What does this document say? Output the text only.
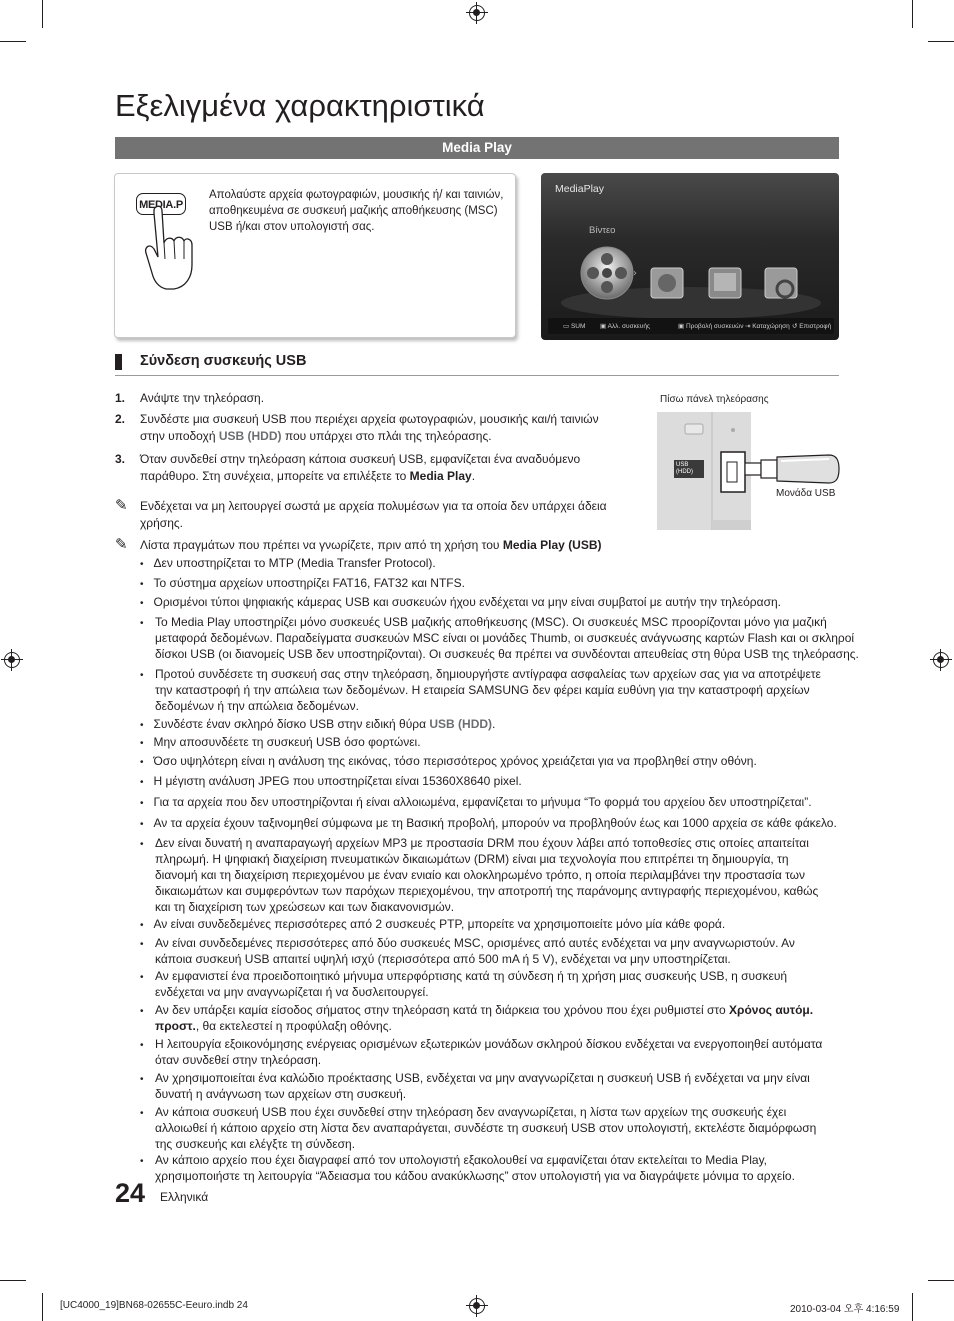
Εξελιγμένα χαρακτηριστικά
Media Play
MEDIA.P
Απολαύστε αρχεία φωτογραφιών, μουσικής ή/ και ταινιών, αποθηκευμένα σε συσκευή μαζικής αποθήκευσης (MSC) USB ή/και στον υπολογιστή σας.
›
MediaPlay
Βίντεο
▭ SUM ▣ Αλλ. συσκευής	▣ Προβολή συσκευών ⇥ Καταχώρηση ↺ Επιστροφή
Σύνδεση συσκευής USB
1. Ανάψτε την τηλεόραση.
2. Συνδέστε μια συσκευή USB που περιέχει αρχεία φωτογραφιών, μουσικής και/ή ταινιών
στην υποδοχή USB (HDD) που υπάρχει στο πλάι της τηλεόρασης.
3. Όταν συνδεθεί στην τηλεόραση κάποια συσκευή USB, εμφανίζεται ένα αναδυόμενο
παράθυρο. Στη συνέχεια, μπορείτε να επιλέξετε το Media Play.
✎ Ενδέχεται να μη λειτουργεί σωστά με αρχεία πολυμέσων για τα οποία δεν υπάρχει άδεια
χρήσης.
✎ Λίστα πραγμάτων που πρέπει να γνωρίζετε, πριν από τη χρήση του Media Play (USB)
Πίσω πάνελ τηλεόρασης
USB (HDD)
Μονάδα USB
• Δεν υποστηρίζεται το MTP (Media Transfer Protocol).
• Το σύστημα αρχείων υποστηρίζει FAT16, FAT32 και NTFS.
• Ορισμένοι τύποι ψηφιακής κάμερας USB και συσκευών ήχου ενδέχεται να μην είναι συμβατοί με αυτήν την τηλεόραση.
• Το Media Play υποστηρίζει μόνο συσκευές USB μαζικής αποθήκευσης (MSC). Οι συσκευές MSC προορίζονται μόνο για μαζική
μεταφορά δεδομένων. Παραδείγματα συσκευών MSC είναι οι μονάδες Thumb, οι συσκευές ανάγνωσης καρτών Flash και οι σκληροί
δίσκοι USB (οι διανομείς USB δεν υποστηρίζονται). Οι συσκευές θα πρέπει να συνδέονται απευθείας στη θύρα USB της τηλεόρασης.
• Προτού συνδέσετε τη συσκευή σας στην τηλεόραση, δημιουργήστε αντίγραφα ασφαλείας των αρχείων σας για να αποτρέψετε
την καταστροφή ή την απώλεια των δεδομένων. Η εταιρεία SAMSUNG δεν φέρει καμία ευθύνη για την καταστροφή αρχείων
δεδομένων ή την απώλεια δεδομένων.
• Συνδέστε έναν σκληρό δίσκο USB στην ειδική θύρα USB (HDD).
• Μην αποσυνδέετε τη συσκευή USB όσο φορτώνει.
• Όσο υψηλότερη είναι η ανάλυση της εικόνας, τόσο περισσότερος χρόνος χρειάζεται για να προβληθεί στην οθόνη.
• Η μέγιστη ανάλυση JPEG που υποστηρίζεται είναι 15360X8640 pixel.
• Για τα αρχεία που δεν υποστηρίζονται ή είναι αλλοιωμένα, εμφανίζεται το μήνυμα “Το φορμά του αρχείου δεν υποστηρίζεται”.
• Αν τα αρχεία έχουν ταξινομηθεί σύμφωνα με τη Βασική προβολή, μπορούν να προβληθούν έως και 1000 αρχεία σε κάθε φάκελο.
• Δεν είναι δυνατή η αναπαραγωγή αρχείων MP3 με προστασία DRM που έχουν λάβει από τοποθεσίες στις οποίες απαιτείται
πληρωμή. Η ψηφιακή διαχείριση πνευματικών δικαιωμάτων (DRM) είναι μια τεχνολογία που επιτρέπει τη δημιουργία, τη
διανομή και τη διαχείριση περιεχομένου με έναν ενιαίο και ολοκληρωμένο τρόπο, η οποία περιλαμβάνει την προστασία των
δικαιωμάτων και συμφερόντων των παρόχων περιεχομένου, την αποτροπή της παράνομης αντιγραφής περιεχομένου, καθώς
και τη διαχείριση των χρεώσεων και των διακανονισμών.
• Αν είναι συνδεδεμένες περισσότερες από 2 συσκευές PTP, μπορείτε να χρησιμοποιείτε μόνο μία κάθε φορά.
• Αν είναι συνδεδεμένες περισσότερες από δύο συσκευές MSC, ορισμένες από αυτές ενδέχεται να μην αναγνωριστούν. Αν
κάποια συσκευή USB απαιτεί υψηλή ισχύ (περισσότερα από 500 mA ή 5 V), ενδέχεται να μην υποστηρίζεται.
• Αν εμφανιστεί ένα προειδοποιητικό μήνυμα υπερφόρτισης κατά τη σύνδεση ή τη χρήση μιας συσκευής USB, η συσκευή
ενδέχεται να μην αναγνωρίζεται ή να δυσλειτουργεί.
• Αν δεν υπάρξει καμία είσοδος σήματος στην τηλεόραση κατά τη διάρκεια του χρόνου που έχει ρυθμιστεί στο Χρόνος αυτόμ.
προστ., θα εκτελεστεί η προφύλαξη οθόνης.
• Η λειτουργία εξοικονόμησης ενέργειας ορισμένων εξωτερικών μονάδων σκληρού δίσκου ενδέχεται να ενεργοποιηθεί αυτόματα
όταν συνδεθεί στην τηλεόραση.
• Αν χρησιμοποιείται ένα καλώδιο προέκτασης USB, ενδέχεται να μην αναγνωρίζεται η συσκευή USB ή ενδέχεται να μην είναι
δυνατή η ανάγνωση των αρχείων στη συσκευή.
• Αν κάποια συσκευή USB που έχει συνδεθεί στην τηλεόραση δεν αναγνωρίζεται, η λίστα των αρχείων της συσκευής έχει
αλλοιωθεί ή κάποιο αρχείο στη λίστα δεν αναπαράγεται, συνδέστε τη συσκευή USB στον υπολογιστή, εκτελέστε διαμόρφωση
της συσκευής και ελέγξτε τη σύνδεση.
• Αν κάποιο αρχείο που έχει διαγραφεί από τον υπολογιστή εξακολουθεί να εμφανίζεται όταν εκτελείται το Media Play,
χρησιμοποιήστε τη λειτουργία “Άδειασμα του κάδου ανακύκλωσης” στον υπολογιστή για να διαγράψετε μόνιμα το αρχείο.
24 Ελληνικά
[UC4000_19]BN68-02655C-Eeuro.indb 24	2010-03-04 오후 4:16:59
